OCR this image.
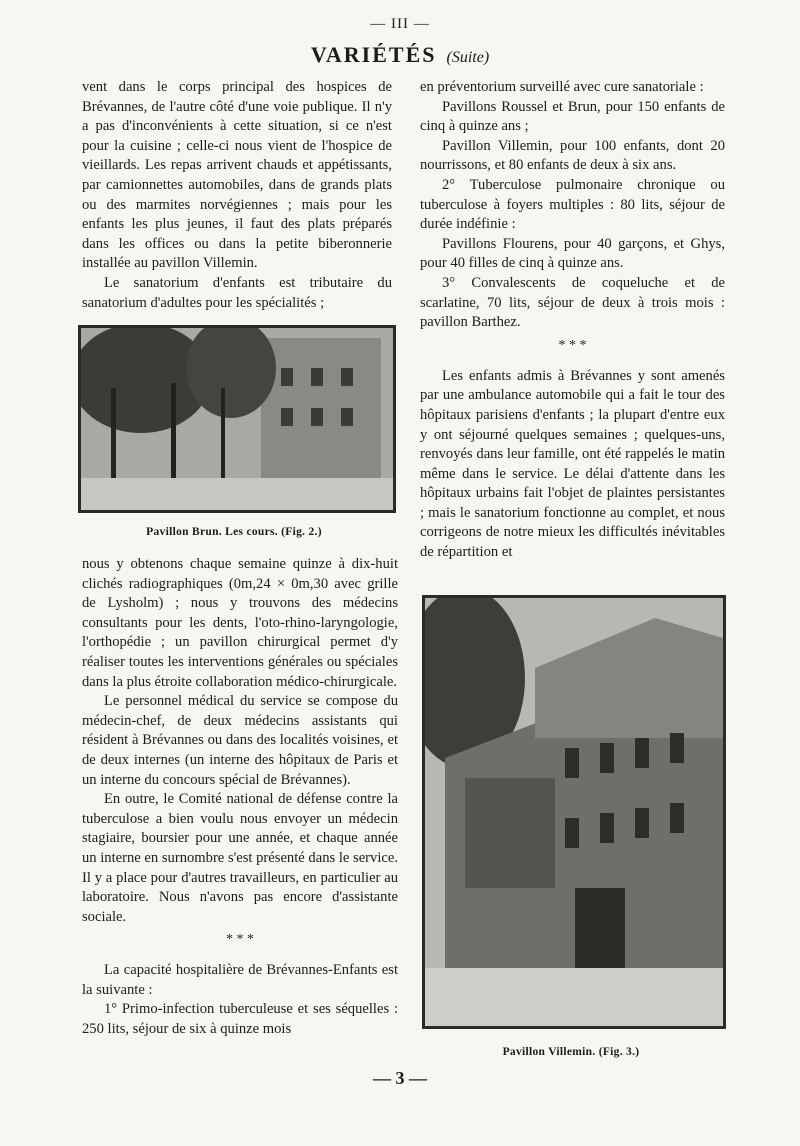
— III —
VARIÉTÉS (Suite)

vent dans le corps principal des hospices de Brévannes, de l'autre côté d'une voie publique. Il n'y a pas d'inconvénients à cette situation, si ce n'est pour la cuisine ; celle-ci nous vient de l'hospice de vieillards. Les repas arrivent chauds et appétissants, par camionnettes automobiles, dans de grands plats ou des marmites norvégiennes ; mais pour les enfants les plus jeunes, il faut des plats préparés dans les offices ou dans la petite biberonnerie installée au pavillon Villemin.

Le sanatorium d'enfants est tributaire du sanatorium d'adultes pour les spécialités ;

Pavillon Brun. Les cours. (Fig. 2.)

nous y obtenons chaque semaine quinze à dix-huit clichés radiographiques (0m,24 × 0m,30 avec grille de Lysholm) ; nous y trouvons des médecins consultants pour les dents, l'oto-rhino-laryngologie, l'orthopédie ; un pavillon chirurgical permet d'y réaliser toutes les interventions générales ou spéciales dans la plus étroite collaboration médico-chirurgicale.

Le personnel médical du service se compose du médecin-chef, de deux médecins assistants qui résident à Brévannes ou dans des localités voisines, et de deux internes (un interne des hôpitaux de Paris et un interne du concours spécial de Brévannes).

En outre, le Comité national de défense contre la tuberculose a bien voulu nous envoyer un médecin stagiaire, boursier pour une année, et chaque année un interne en surnombre s'est présenté dans le service. Il y a place pour d'autres travailleurs, en particulier au laboratoire. Nous n'avons pas encore d'assistante sociale.

* * *

La capacité hospitalière de Brévannes-Enfants est la suivante :

1° Primo-infection tuberculeuse et ses séquelles : 250 lits, séjour de six à quinze mois

en préventorium surveillé avec cure sanatoriale :

Pavillons Roussel et Brun, pour 150 enfants de cinq à quinze ans ;

Pavillon Villemin, pour 100 enfants, dont 20 nourrissons, et 80 enfants de deux à six ans.

2° Tuberculose pulmonaire chronique ou tuberculose à foyers multiples : 80 lits, séjour de durée indéfinie :

Pavillons Flourens, pour 40 garçons, et Ghys, pour 40 filles de cinq à quinze ans.

3° Convalescents de coqueluche et de scarlatine, 70 lits, séjour de deux à trois mois : pavillon Barthez.

* * *

Les enfants admis à Brévannes y sont amenés par une ambulance automobile qui a fait le tour des hôpitaux parisiens d'enfants ; la plupart d'entre eux y ont séjourné quelques semaines ; quelques-uns, renvoyés dans leur famille, ont été rappelés le matin même dans le service. Le délai d'attente dans les hôpitaux urbains fait l'objet de plaintes persistantes ; mais le sanatorium fonctionne au complet, et nous corrigeons de notre mieux les difficultés inévitables de répartition et

Pavillon Villemin. (Fig. 3.)
— 3 —
